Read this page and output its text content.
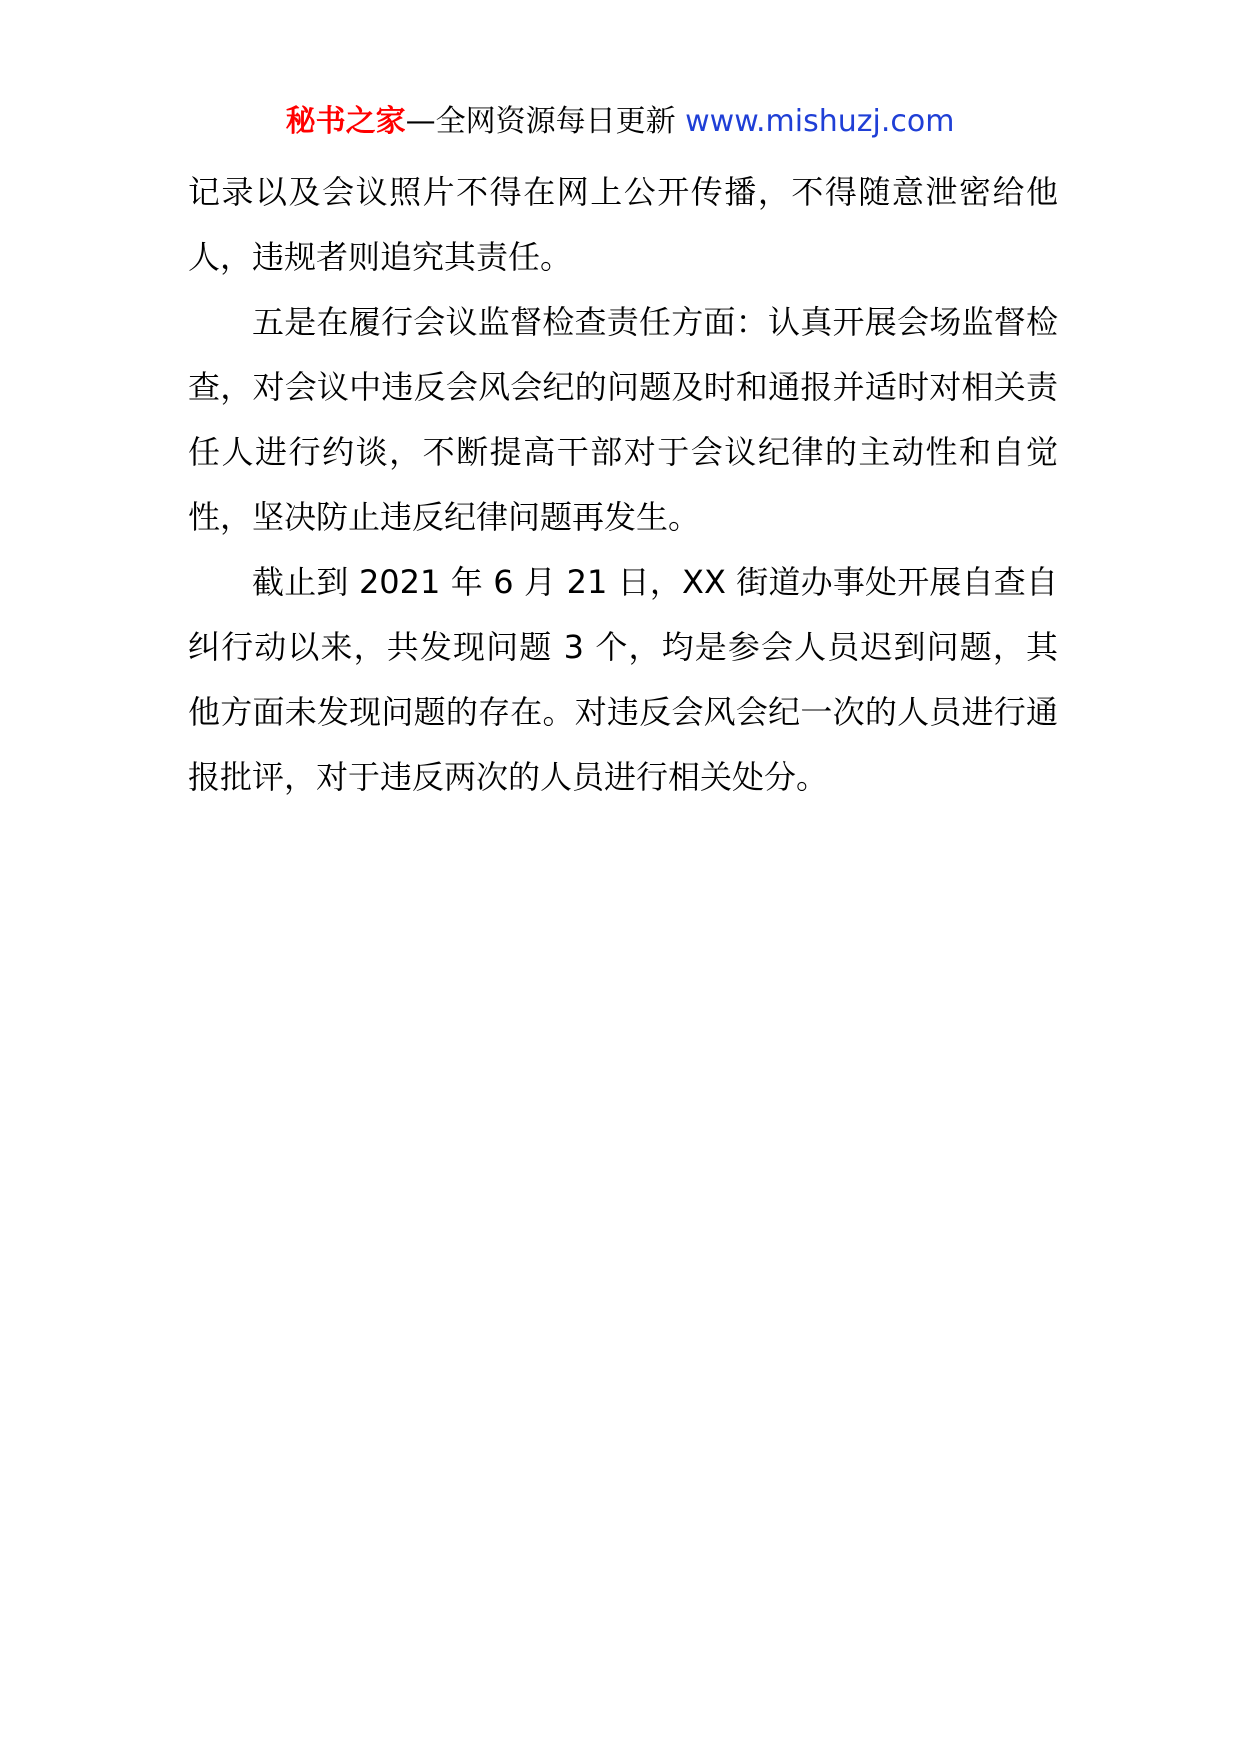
秘书之家—全网资源每日更新 www.mishuzj.com

记录以及会议照片不得在网上公开传播，不得随意泄密给他人，违规者则追究其责任。

五是在履行会议监督检查责任方面：认真开展会场监督检查，对会议中违反会风会纪的问题及时和通报并适时对相关责任人进行约谈，不断提高干部对于会议纪律的主动性和自觉性，坚决防止违反纪律问题再发生。

截止到 2021 年 6 月 21 日，XX 街道办事处开展自查自纠行动以来，共发现问题 3 个，均是参会人员迟到问题，其他方面未发现问题的存在。对违反会风会纪一次的人员进行通报批评，对于违反两次的人员进行相关处分。
